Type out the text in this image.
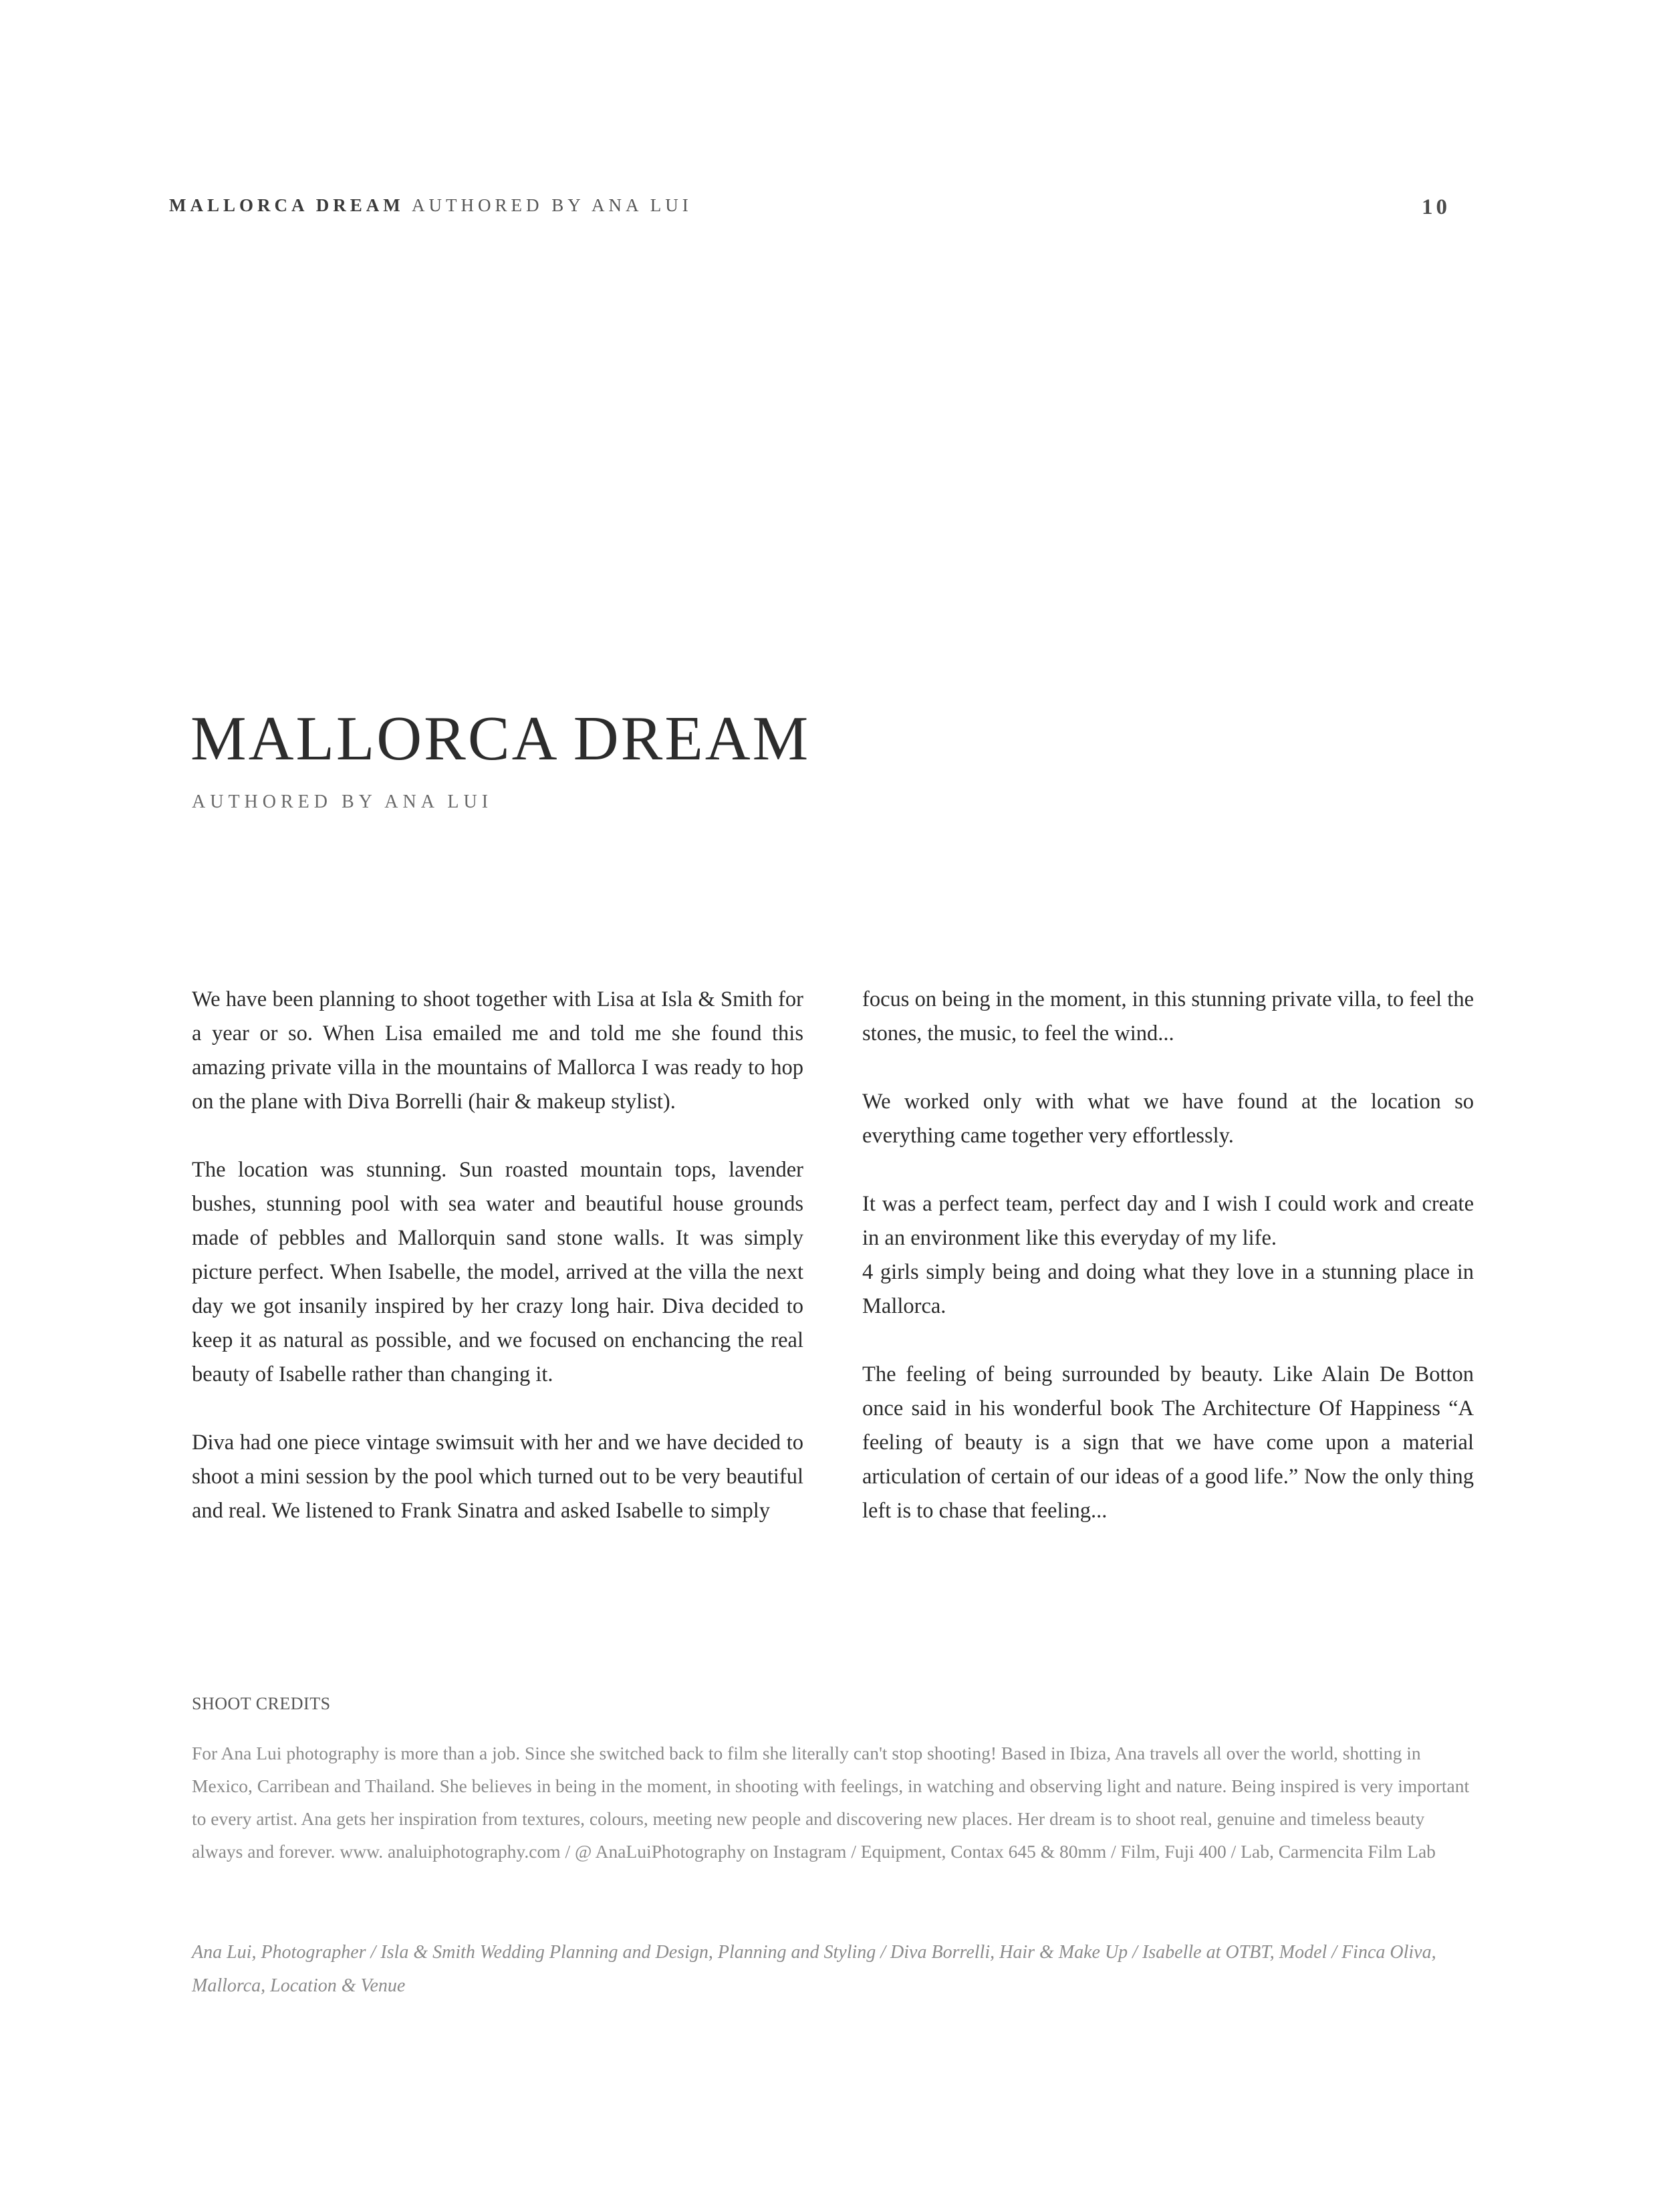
MALLORCA DREAM AUTHORED BY ANA LUI	10
MALLORCA DREAM
AUTHORED BY ANA LUI

We have been planning to shoot together with Lisa at Isla & Smith for a year or so. When Lisa emailed me and told me she found this amazing private villa in the mountains of Mallorca I was ready to hop on the plane with Diva Borrelli (hair & makeup stylist).

The location was stunning. Sun roasted mountain tops, lavender bushes, stunning pool with sea water and beautiful house grounds made of pebbles and Mallorquin sand stone walls. It was simply picture perfect. When Isabelle, the model, arrived at the villa the next day we got insanily inspired by her crazy long hair. Diva decided to keep it as natural as possible, and we focused on enchancing the real beauty of Isabelle rather than changing it.

Diva had one piece vintage swimsuit with her and we have decided to shoot a mini session by the pool which turned out to be very beautiful and real. We listened to Frank Sinatra and asked Isabelle to simply

focus on being in the moment, in this stunning private villa, to feel the stones, the music, to feel the wind...

We worked only with what we have found at the location so everything came together very effortlessly.

It was a perfect team, perfect day and I wish I could work and create in an environment like this everyday of my life.

4 girls simply being and doing what they love in a stunning place in Mallorca.

The feeling of being surrounded by beauty. Like Alain De Botton once said in his wonderful book The Architecture Of Happiness “A feeling of beauty is a sign that we have come upon a material articulation of certain of our ideas of a good life.” Now the only thing left is to chase that feeling...

SHOOT CREDITS

For Ana Lui photography is more than a job. Since she switched back to film she literally can't stop shooting! Based in Ibiza, Ana travels all over the world, shotting in Mexico, Carribean and Thailand. She believes in being in the moment, in shooting with feelings, in watching and observing light and nature. Being inspired is very important to every artist. Ana gets her inspiration from textures, colours, meeting new people and discovering new places. Her dream is to shoot real, genuine and timeless beauty always and forever. www. analuiphotography.com / @ AnaLuiPhotography on Instagram / Equipment, Contax 645 & 80mm / Film, Fuji 400 / Lab, Carmencita Film Lab

Ana Lui, Photographer / Isla & Smith Wedding Planning and Design, Planning and Styling / Diva Borrelli, Hair & Make Up / Isabelle at OTBT, Model / Finca Oliva, Mallorca, Location & Venue
